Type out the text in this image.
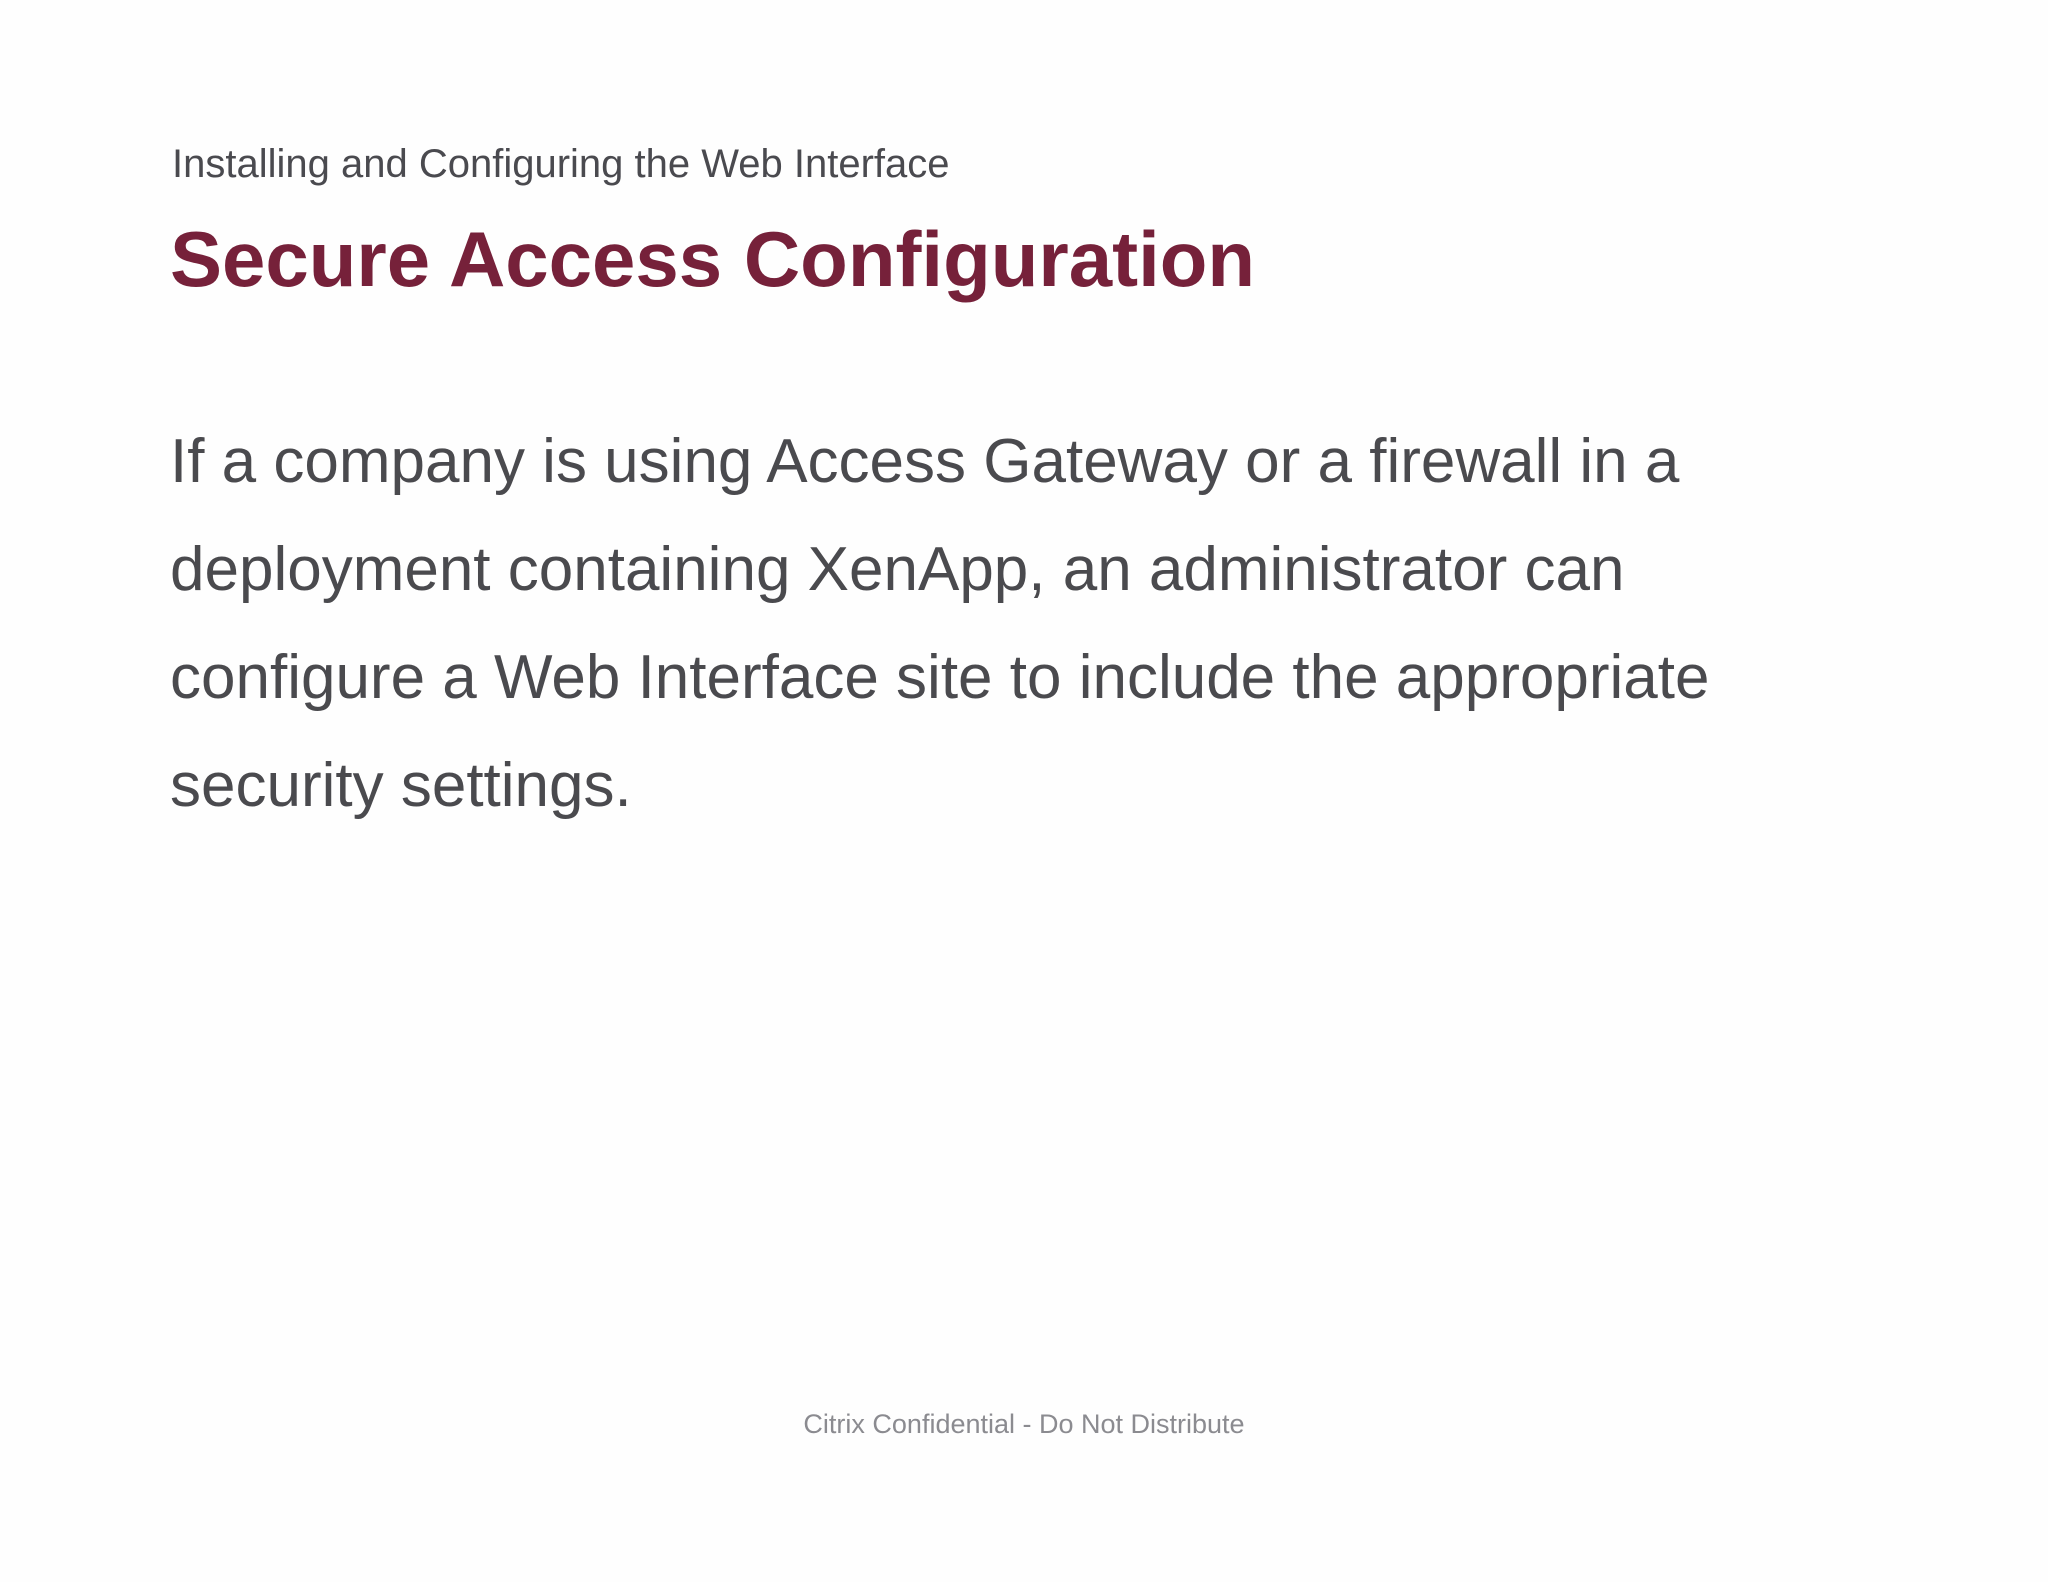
Installing and Configuring the Web Interface
Secure Access Configuration
If a company is using Access Gateway or a firewall in a
deployment containing XenApp, an administrator can
configure a Web Interface site to include the appropriate
security settings.
Citrix Confidential - Do Not Distribute
